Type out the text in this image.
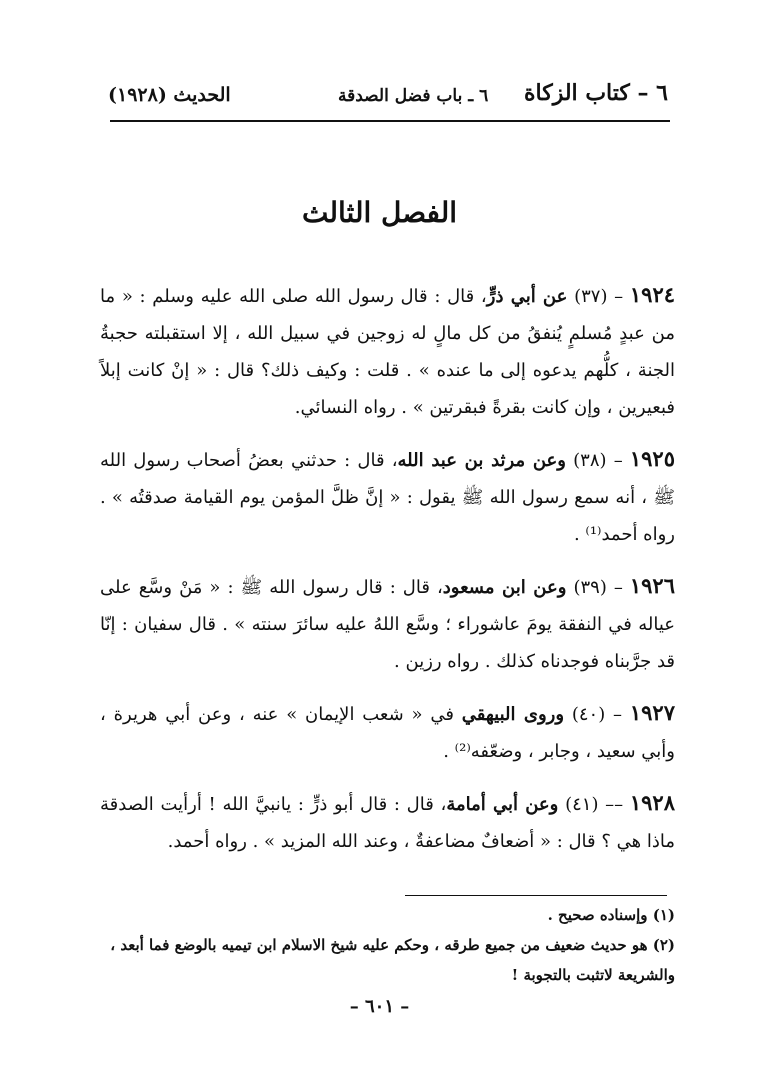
٦ – كتاب الزكاة
٦ ـ باب فضل الصدقة
الحديث (١٩٢٨)
الفصل الثالث

١٩٢٤ – (٣٧) عن أبي ذرٍّ، قال : قال رسول الله صلى الله عليه وسلم : « ما من عبدٍ مُسلمٍ يُنفقُ من كل مالٍ له زوجين في سبيل الله ، إلا استقبلته حجبةُ الجنة ، كلُّهم يدعوه إلى ما عنده » . قلت : وكيف ذلك؟ قال : « إنْ كانت إبلاً فبعيرين ، وإن كانت بقرةً فبقرتين » . رواه النسائي.

١٩٢٥ – (٣٨) وعن مرثد بن عبد الله، قال : حدثني بعضُ أصحاب رسول الله ﷺ ، أنه سمع رسول الله ﷺ يقول : « إنَّ ظلَّ المؤمن يوم القيامة صدقتُه » . رواه أحمد⁽¹⁾ .

١٩٢٦ – (٣٩) وعن ابن مسعود، قال : قال رسول الله ﷺ : « مَنْ وسَّع على عياله في النفقة يومَ عاشوراء ؛ وسَّع اللهُ عليه سائرَ سنته » . قال سفيان : إنّا قد جرَّبناه فوجدناه كذلك . رواه رزين .

١٩٢٧ – (٤٠) وروى البيهقي في « شعب الإيمان » عنه ، وعن أبي هريرة ، وأبي سعيد ، وجابر ، وضعّفه⁽²⁾ .

١٩٢٨ –– (٤١) وعن أبي أمامة، قال : قال أبو ذرٍّ : يانبيَّ الله ! أرأيت الصدقة ماذا هي ؟ قال : « أضعافٌ مضاعفةٌ ، وعند الله المزيد » . رواه أحمد.

(١) وإسناده صحيح .

(٢) هو حديث ضعيف من جميع طرقه ، وحكم عليه شيخ الاسلام ابن تيميه بالوضع فما أبعد ، والشريعة لاتثبت بالتجوبة !

– ٦٠١ –
